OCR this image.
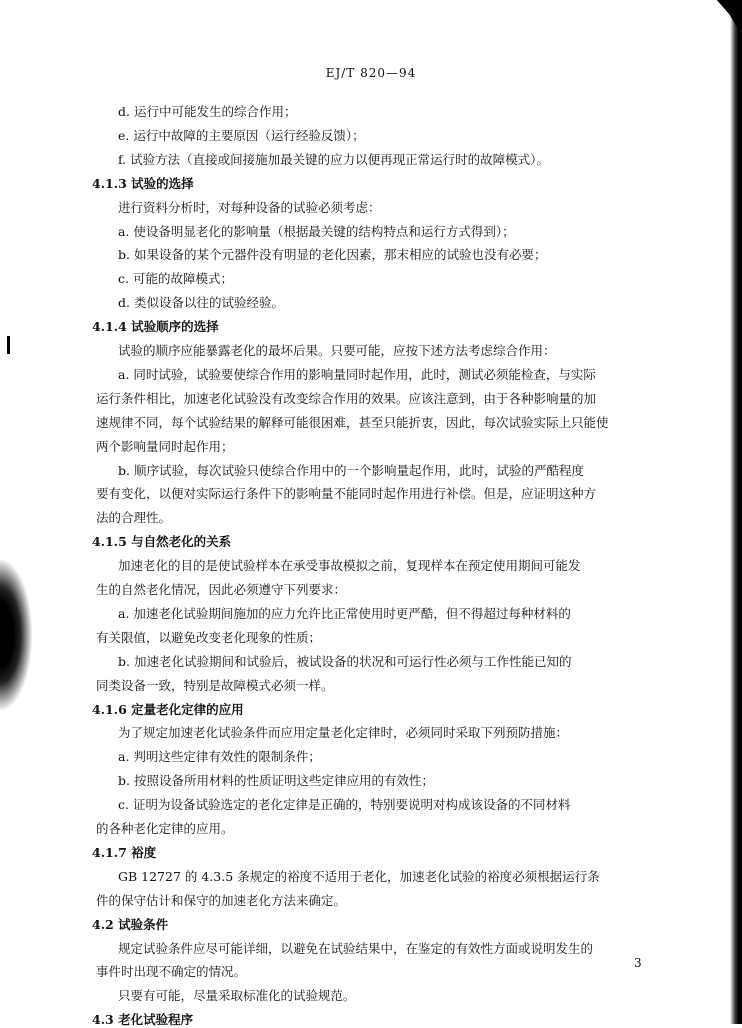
EJ/T 820—94
d. 运行中可能发生的综合作用；
e. 运行中故障的主要原因（运行经验反馈）；
f. 试验方法（直接或间接施加最关键的应力以便再现正常运行时的故障模式）。
4.1.3 试验的选择
进行资料分析时，对每种设备的试验必须考虑：
a. 使设备明显老化的影响量（根据最关键的结构特点和运行方式得到）；
b. 如果设备的某个元器件没有明显的老化因素，那末相应的试验也没有必要；
c. 可能的故障模式；
d. 类似设备以往的试验经验。
4.1.4 试验顺序的选择
试验的顺序应能暴露老化的最坏后果。只要可能，应按下述方法考虑综合作用：
a. 同时试验，试验要使综合作用的影响量同时起作用，此时，测试必须能检查，与实际
运行条件相比，加速老化试验没有改变综合作用的效果。应该注意到，由于各种影响量的加
速规律不同，每个试验结果的解释可能很困难，甚至只能折衷，因此，每次试验实际上只能使
两个影响量同时起作用；
b. 顺序试验，每次试验只使综合作用中的一个影响量起作用，此时，试验的严酷程度
要有变化，以便对实际运行条件下的影响量不能同时起作用进行补偿。但是，应证明这种方
法的合理性。
4.1.5 与自然老化的关系
加速老化的目的是使试验样本在承受事故模拟之前，复现样本在预定使用期间可能发
生的自然老化情况，因此必须遵守下列要求：
a. 加速老化试验期间施加的应力允许比正常使用时更严酷，但不得超过每种材料的
有关限值，以避免改变老化现象的性质；
b. 加速老化试验期间和试验后，被试设备的状况和可运行性必须与工作性能已知的
同类设备一致，特别是故障模式必须一样。
4.1.6 定量老化定律的应用
为了规定加速老化试验条件而应用定量老化定律时，必须同时采取下列预防措施：
a. 判明这些定律有效性的限制条件；
b. 按照设备所用材料的性质证明这些定律应用的有效性；
c. 证明为设备试验选定的老化定律是正确的，特别要说明对构成该设备的不同材料
的各种老化定律的应用。
4.1.7 裕度
GB 12727 的 4.3.5 条规定的裕度不适用于老化，加速老化试验的裕度必须根据运行条
件的保守估计和保守的加速老化方法来确定。
4.2 试验条件
规定试验条件应尽可能详细，以避免在试验结果中，在鉴定的有效性方面或说明发生的
事件时出现不确定的情况。
只要有可能，尽量采取标准化的试验规范。
4.3 老化试验程序
3
